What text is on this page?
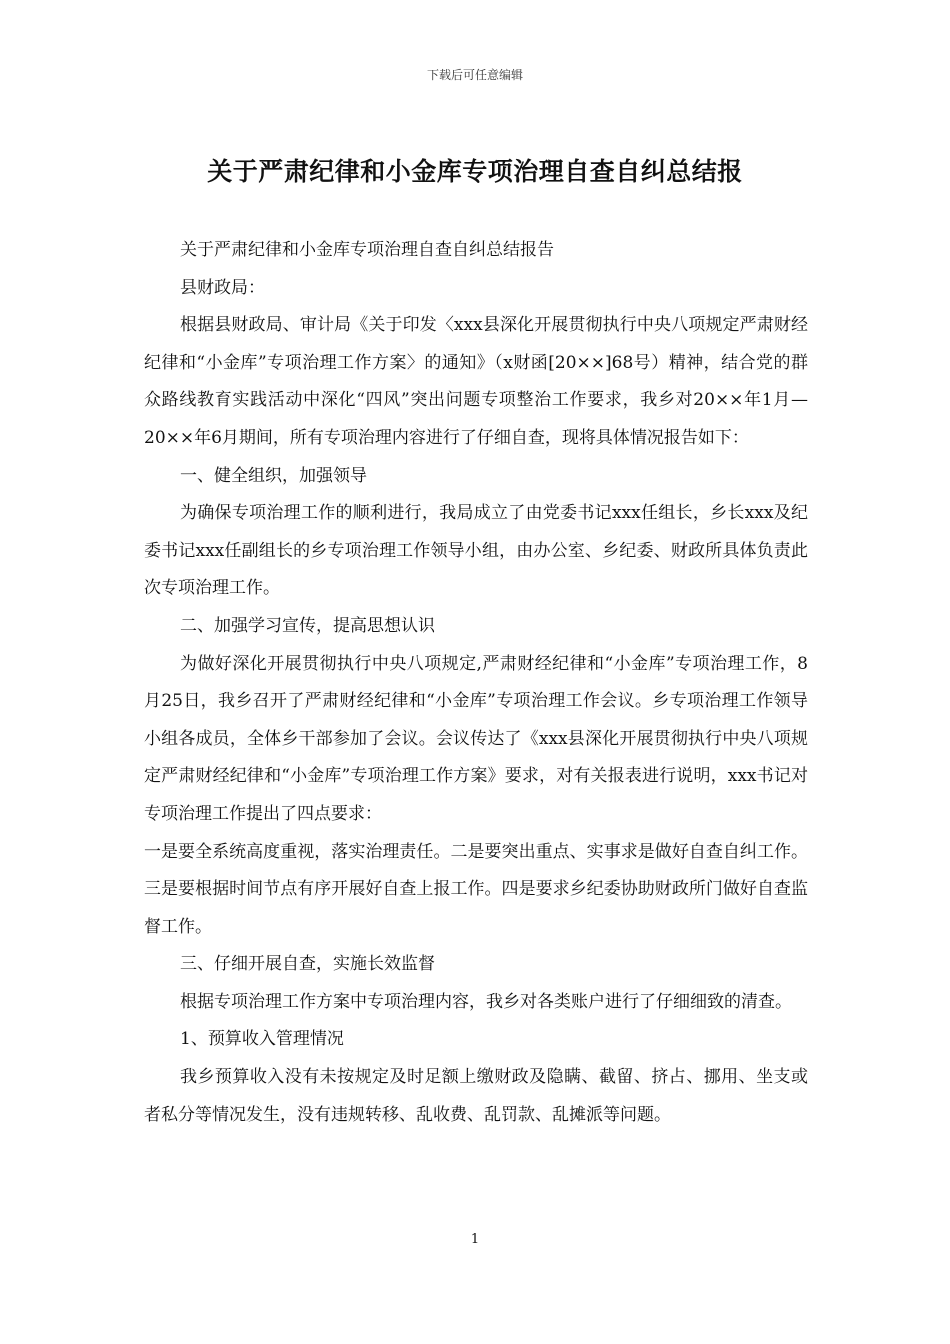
下载后可任意编辑
关于严肃纪律和小金库专项治理自查自纠总结报

关于严肃纪律和小金库专项治理自查自纠总结报告

县财政局：

根据县财政局、审计局《关于印发〈xxx县深化开展贯彻执行中央八项规定严肃财经纪律和“小金库”专项治理工作方案〉的通知》（x财函[20××]68号）精神，结合党的群众路线教育实践活动中深化“四风”突出问题专项整治工作要求，我乡对20××年1月—20××年6月期间，所有专项治理内容进行了仔细自查，现将具体情况报告如下：

一、健全组织，加强领导

为确保专项治理工作的顺利进行，我局成立了由党委书记xxx任组长，乡长xxx及纪委书记xxx任副组长的乡专项治理工作领导小组，由办公室、乡纪委、财政所具体负责此次专项治理工作。

二、加强学习宣传，提高思想认识

为做好深化开展贯彻执行中央八项规定,严肃财经纪律和“小金库”专项治理工作，8月25日，我乡召开了严肃财经纪律和“小金库”专项治理工作会议。乡专项治理工作领导小组各成员，全体乡干部参加了会议。会议传达了《xxx县深化开展贯彻执行中央八项规定严肃财经纪律和“小金库”专项治理工作方案》要求，对有关报表进行说明，xxx书记对专项治理工作提出了四点要求：

一是要全系统高度重视，落实治理责任。二是要突出重点、实事求是做好自查自纠工作。三是要根据时间节点有序开展好自查上报工作。四是要求乡纪委协助财政所门做好自查监督工作。

三、仔细开展自查，实施长效监督

根据专项治理工作方案中专项治理内容，我乡对各类账户进行了仔细细致的清查。

1、预算收入管理情况

我乡预算收入没有未按规定及时足额上缴财政及隐瞒、截留、挤占、挪用、坐支或者私分等情况发生，没有违规转移、乱收费、乱罚款、乱摊派等问题。

1
